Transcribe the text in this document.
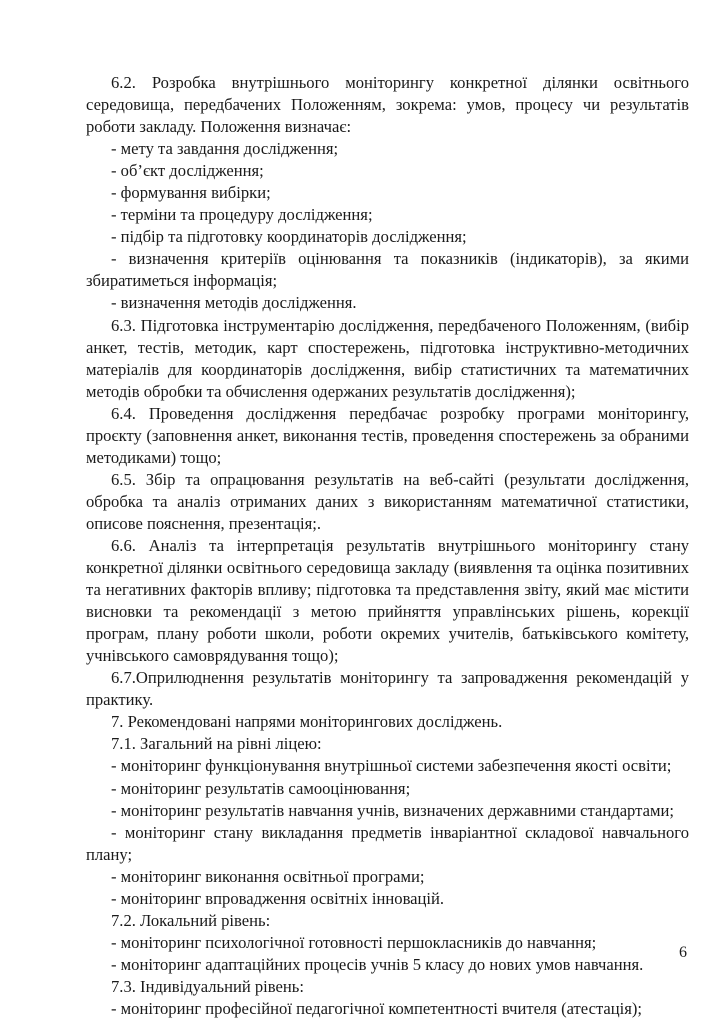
6.2. Розробка внутрішнього моніторингу конкретної ділянки освітнього середовища, передбачених Положенням, зокрема: умов, процесу чи результатів роботи закладу. Положення визначає:

- мету та завдання дослідження;

- об’єкт дослідження;

- формування вибірки;

- терміни та процедуру дослідження;

- підбір та підготовку координаторів дослідження;

- визначення критеріїв оцінювання та показників (індикаторів), за якими збиратиметься інформація;

- визначення методів дослідження.

6.3. Підготовка інструментарію дослідження, передбаченого Положенням, (вибір анкет, тестів, методик, карт спостережень, підготовка інструктивно-методичних матеріалів для координаторів дослідження, вибір статистичних та математичних методів обробки та обчислення одержаних результатів дослідження);

6.4. Проведення дослідження передбачає розробку програми моніторингу, проєкту (заповнення анкет, виконання тестів, проведення спостережень за обраними методиками) тощо;

6.5. Збір та опрацювання результатів на веб-сайті (результати дослідження, обробка та аналіз отриманих даних з використанням математичної статистики, описове пояснення, презентація;.

6.6. Аналіз та інтерпретація результатів внутрішнього моніторингу стану конкретної ділянки освітнього середовища закладу (виявлення та оцінка позитивних та негативних факторів впливу; підготовка та представлення звіту, який має містити висновки та рекомендації з метою прийняття управлінських рішень, корекції програм, плану роботи школи, роботи окремих учителів, батьківського комітету, учнівського самоврядування тощо);

6.7.Оприлюднення результатів моніторингу та запровадження рекомендацій у практику.

7. Рекомендовані напрями моніторингових досліджень.

7.1. Загальний на рівні ліцею:

- моніторинг функціонування внутрішньої системи забезпечення якості освіти;

- моніторинг результатів самооцінювання;

- моніторинг результатів навчання учнів, визначених державними стандартами;

- моніторинг стану викладання предметів інваріантної складової навчального плану;

- моніторинг виконання освітньої програми;

- моніторинг впровадження освітніх інновацій.

7.2. Локальний рівень:

- моніторинг психологічної готовності першокласників до навчання;

- моніторинг адаптаційних процесів учнів 5 класу до нових умов навчання.

7.3. Індивідуальний рівень:

- моніторинг професійної педагогічної компетентності вчителя (атестація);

6
